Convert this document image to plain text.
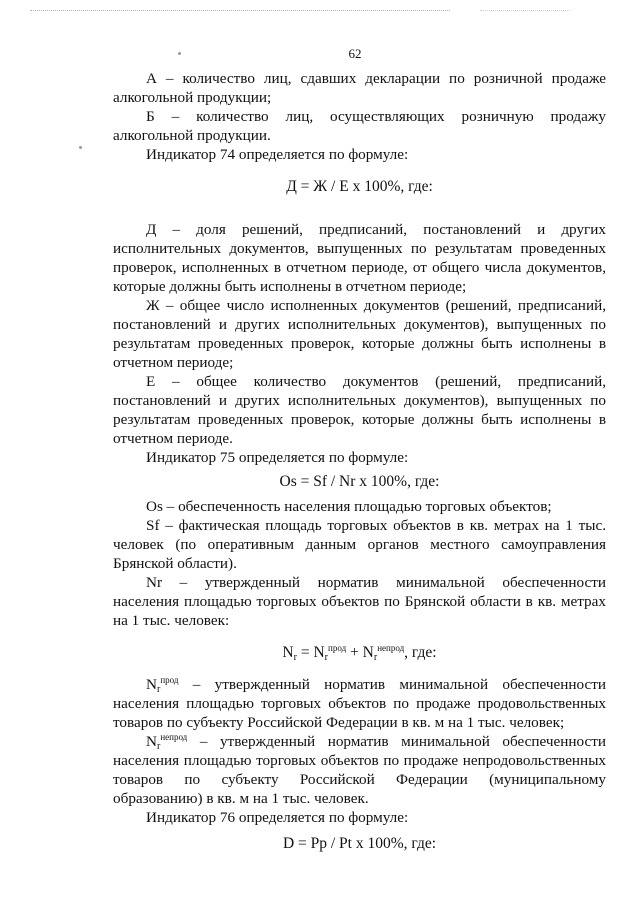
62

А – количество лиц, сдавших декларации по розничной продаже алкогольной продукции;

Б – количество лиц, осуществляющих розничную продажу алкогольной продукции.

Индикатор 74 определяется по формуле:

Д = Ж / Е х 100%, где:

Д – доля решений, предписаний, постановлений и других исполнительных документов, выпущенных по результатам проведенных проверок, исполненных в отчетном периоде, от общего числа документов, которые должны быть исполнены в отчетном периоде;

Ж – общее число исполненных документов (решений, предписаний, постановлений и других исполнительных документов), выпущенных по результатам проведенных проверок, которые должны быть исполнены в отчетном периоде;

Е – общее количество документов (решений, предписаний, постановлений и других исполнительных документов), выпущенных по результатам проведенных проверок, которые должны быть исполнены в отчетном периоде.

Индикатор 75 определяется по формуле:

Оs = Sf / Nr х 100%, где:

Оs – обеспеченность населения площадью торговых объектов;

Sf – фактическая площадь торговых объектов в кв. метрах на 1 тыс. человек (по оперативным данным органов местного самоуправления Брянской области).

Nr – утвержденный норматив минимальной обеспеченности населения площадью торговых объектов по Брянской области в кв. метрах на 1 тыс. человек:

$N_r = N_r^{прод} + N_r^{непрод}$, где:

$N_r^{прод}$ – утвержденный норматив минимальной обеспеченности населения площадью торговых объектов по продаже продовольственных товаров по субъекту Российской Федерации в кв. м на 1 тыс. человек;

$N_r^{непрод}$ – утвержденный норматив минимальной обеспеченности населения площадью торговых объектов по продаже непродовольственных товаров по субъекту Российской Федерации (муниципальному образованию) в кв. м на 1 тыс. человек.

Индикатор 76 определяется по формуле:

D = Pp / Pt х 100%, где:
